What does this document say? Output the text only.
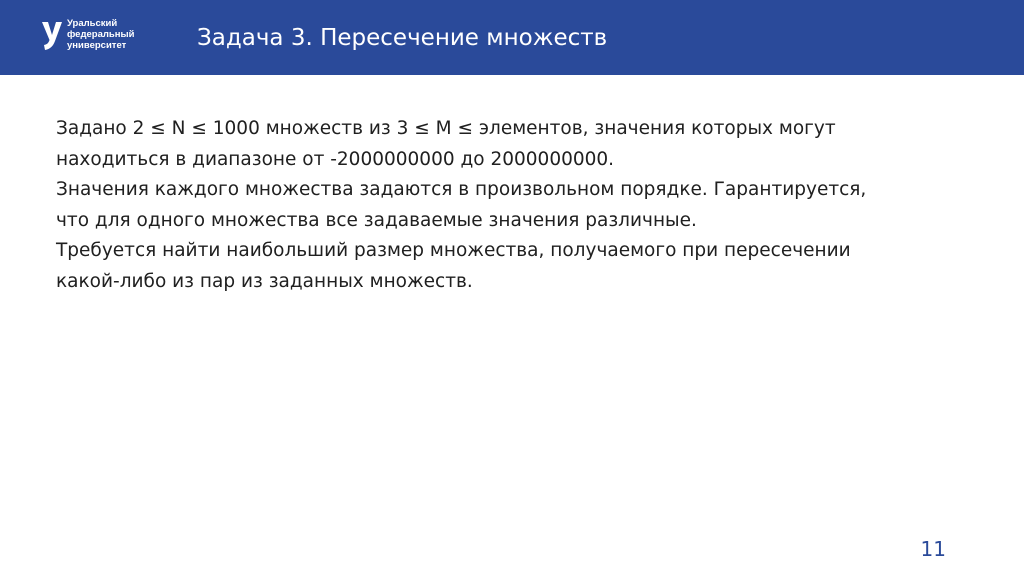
Уральский
федеральный
университет	Задача 3. Пересечение множеств

Задано 2 ≤ N ≤ 1000 множеств из 3 ≤ M ≤ элементов, значения которых могут

находиться в диапазоне от -2000000000 до 2000000000.

Значения каждого множества задаются в произвольном порядке. Гарантируется,

что для одного множества все задаваемые значения различные.

Требуется найти наибольший размер множества, получаемого при пересечении

какой-либо из пар из заданных множеств.

11
